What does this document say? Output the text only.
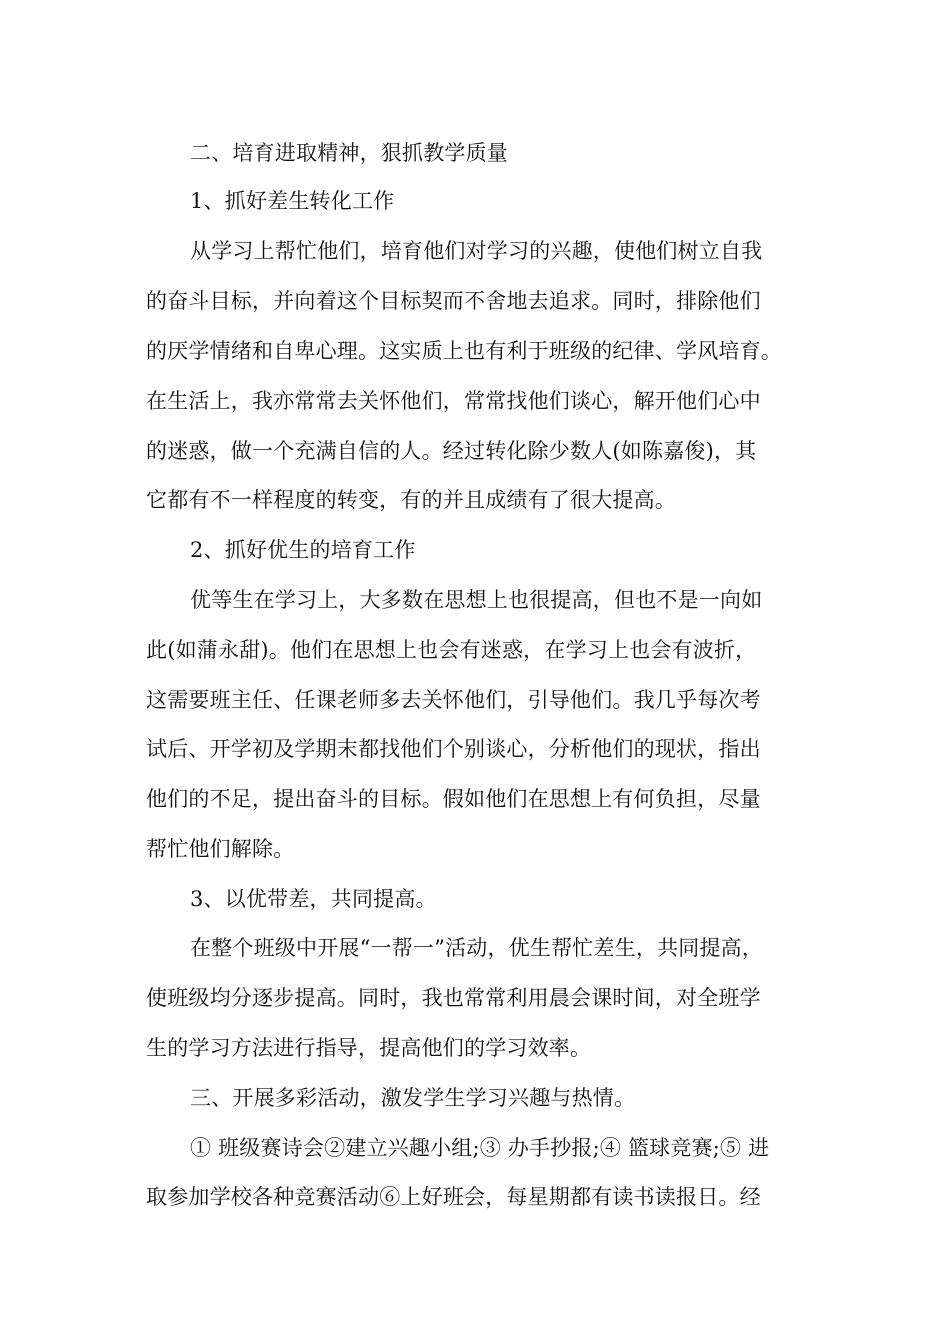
二、培育进取精神，狠抓教学质量
1、抓好差生转化工作
从学习上帮忙他们，培育他们对学习的兴趣，使他们树立自我
的奋斗目标，并向着这个目标契而不舍地去追求。同时，排除他们
的厌学情绪和自卑心理。这实质上也有利于班级的纪律、学风培育。
在生活上，我亦常常去关怀他们，常常找他们谈心，解开他们心中
的迷惑，做一个充满自信的人。经过转化除少数人(如陈嘉俊)，其
它都有不一样程度的转变，有的并且成绩有了很大提高。
2、抓好优生的培育工作
优等生在学习上，大多数在思想上也很提高，但也不是一向如
此(如蒲永甜)。他们在思想上也会有迷惑，在学习上也会有波折，
这需要班主任、任课老师多去关怀他们，引导他们。我几乎每次考
试后、开学初及学期末都找他们个别谈心，分析他们的现状，指出
他们的不足，提出奋斗的目标。假如他们在思想上有何负担，尽量
帮忙他们解除。
3、以优带差，共同提高。
在整个班级中开展“一帮一”活动，优生帮忙差生，共同提高，
使班级均分逐步提高。同时，我也常常利用晨会课时间，对全班学
生的学习方法进行指导，提高他们的学习效率。
三、开展多彩活动，激发学生学习兴趣与热情。
① 班级赛诗会②建立兴趣小组;③ 办手抄报;④ 篮球竞赛;⑤ 进
取参加学校各种竞赛活动⑥上好班会，每星期都有读书读报日。经
